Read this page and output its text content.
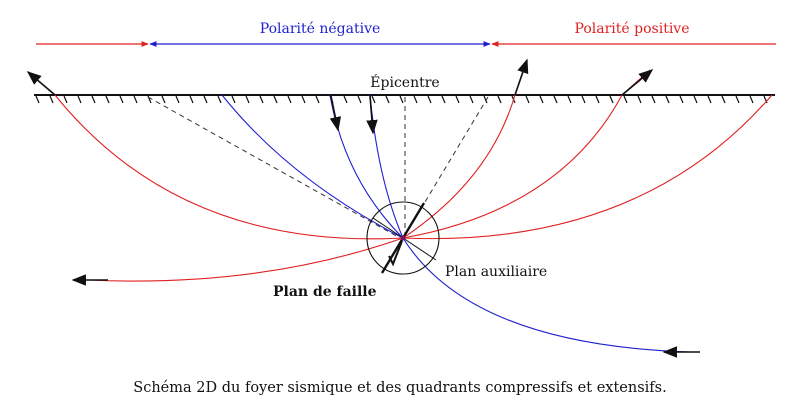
Polarité négative	Polarité positive
Épicentre
Plan auxiliaire
Plan de faille
Schéma 2D du foyer sismique et des quadrants compressifs et extensifs.
